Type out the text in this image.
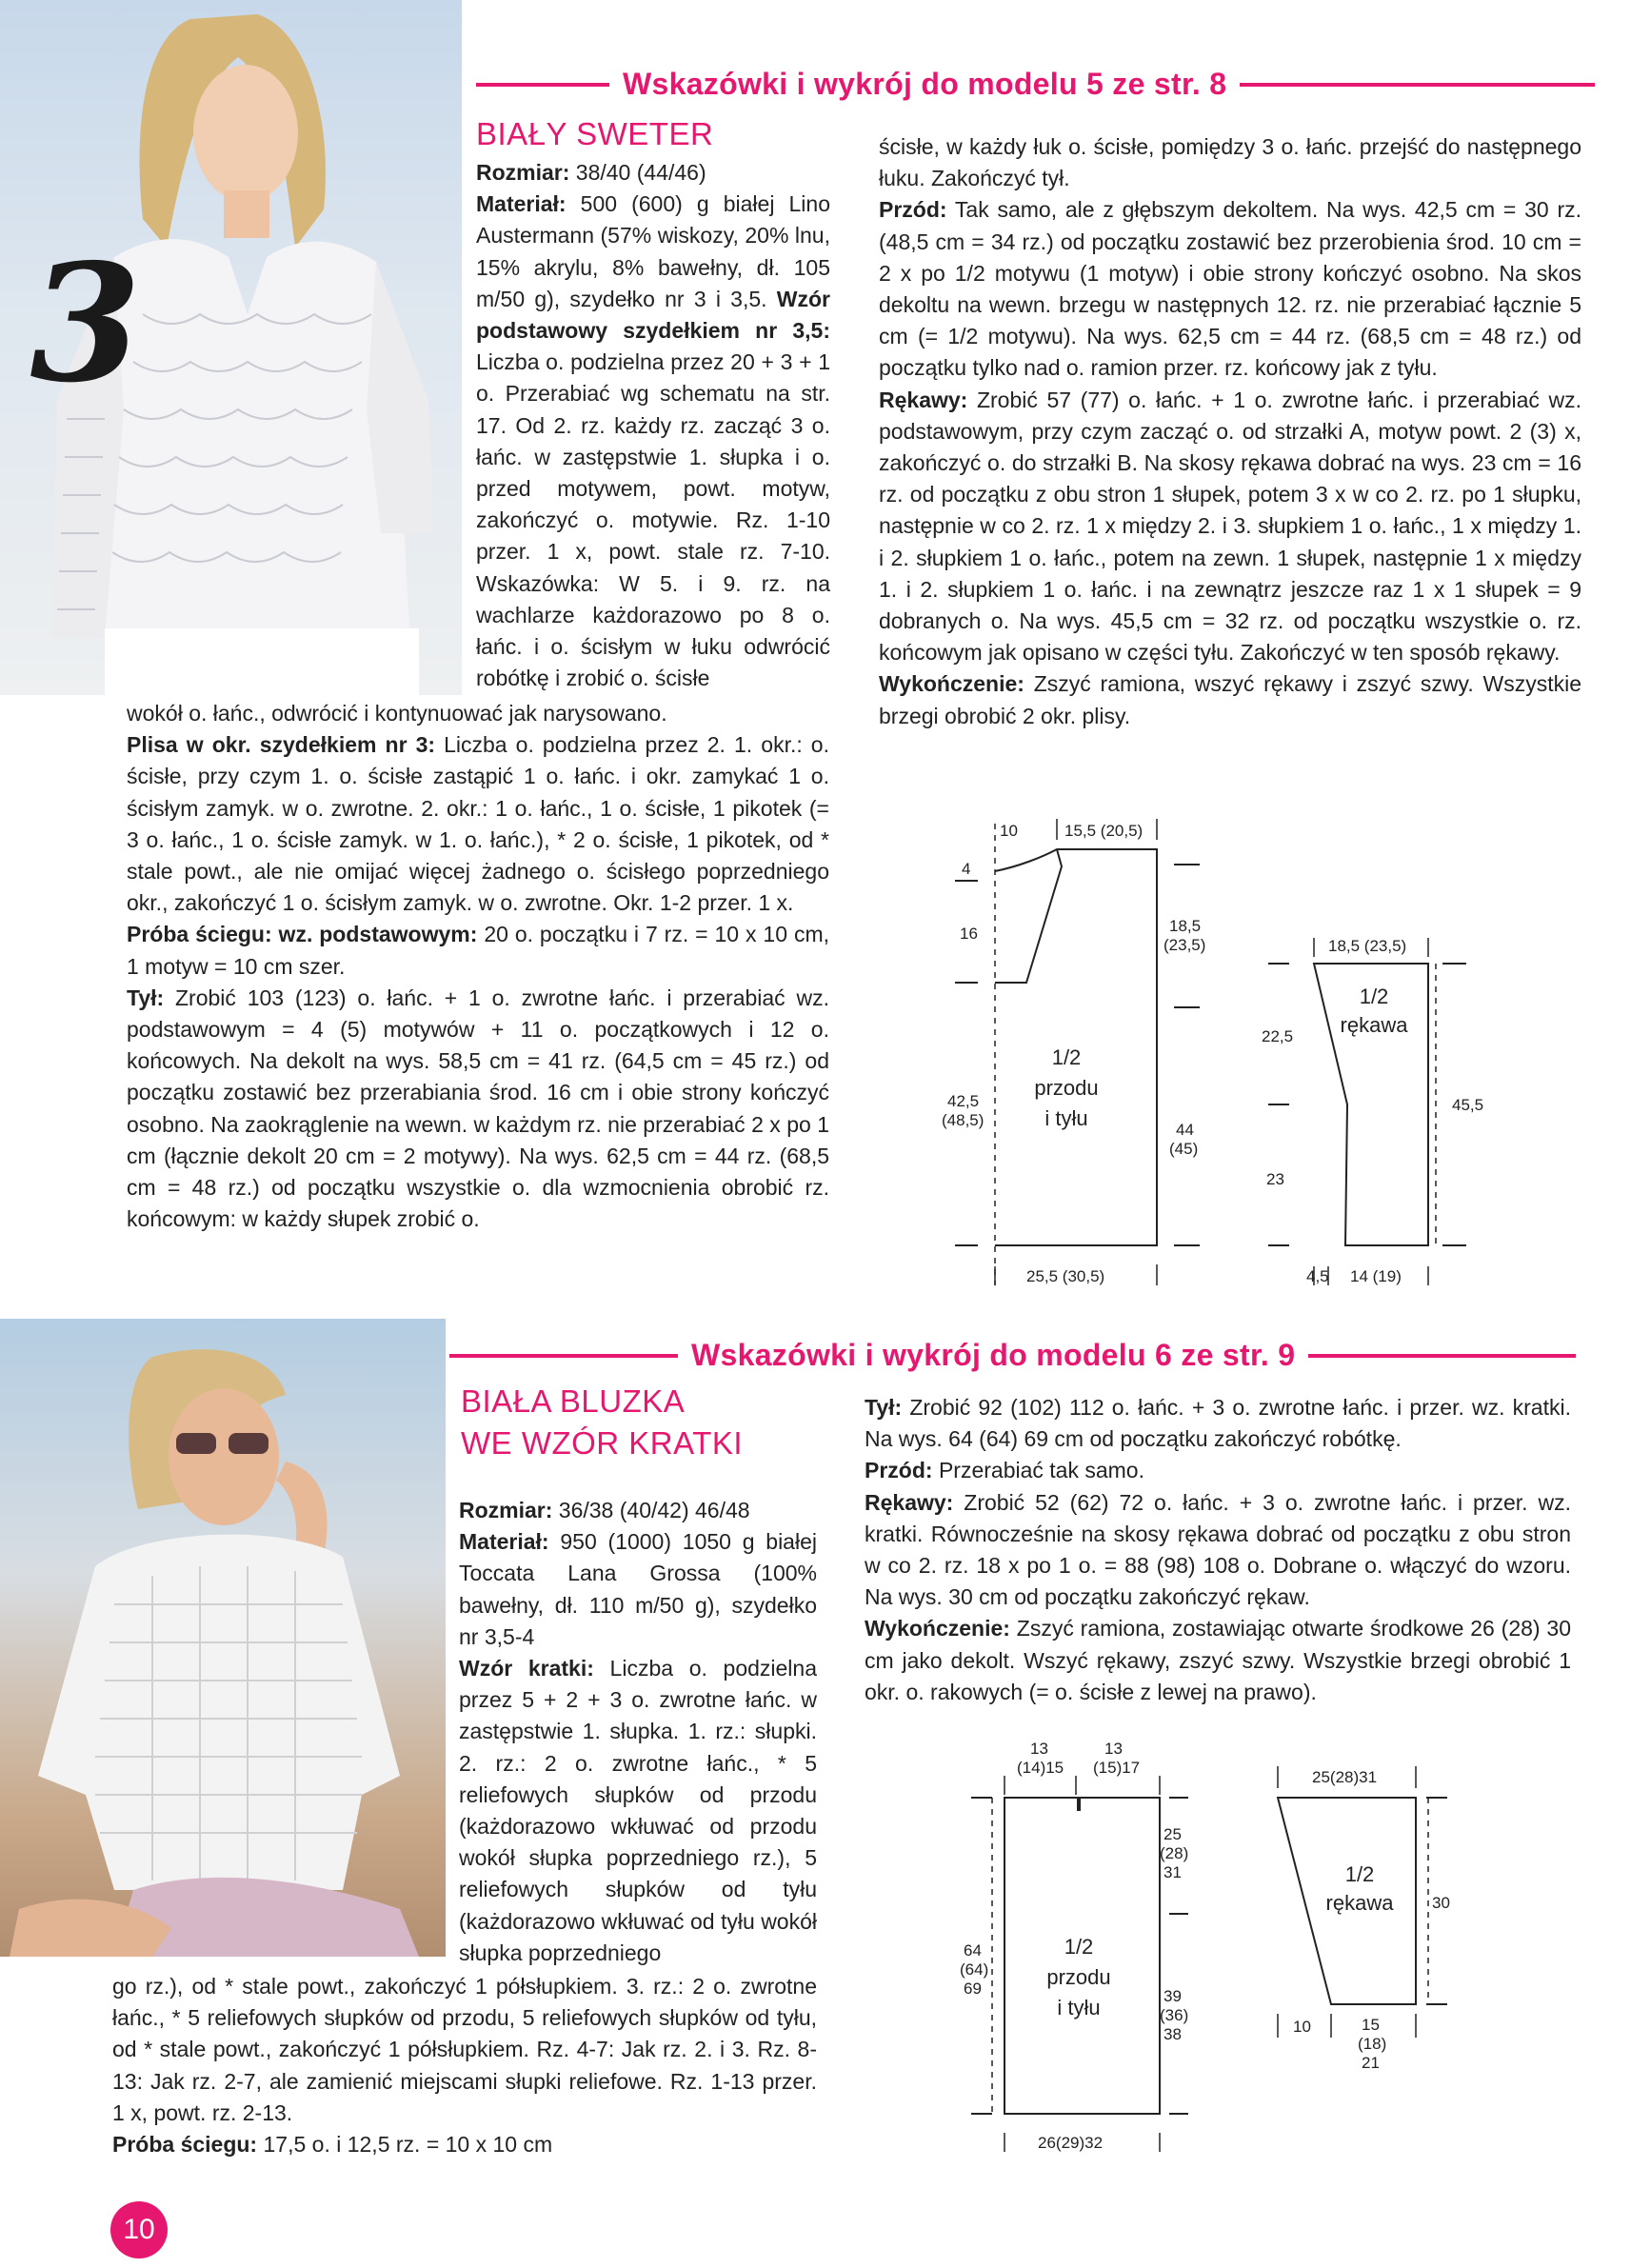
3
Wskazówki i wykrój do modelu 5 ze str. 8
BIAŁY SWETER

Rozmiar: 38/40 (44/46)
Materiał: 500 (600) g białej Lino Austermann (57% wiskozy, 20% lnu, 15% akrylu, 8% bawełny, dł. 105 m/50 g), szydełko nr 3 i 3,5. Wzór podstawowy szydełkiem nr 3,5: Liczba o. podzielna przez 20 + 3 + 1 o. Przerabiać wg schematu na str. 17. Od 2. rz. każdy rz. zacząć 3 o. łańc. w zastępstwie 1. słupka i o. przed motywem, powt. motyw, zakończyć o. motywie. Rz. 1-10 przer. 1 x, powt. stale rz. 7-10. Wskazówka: W 5. i 9. rz. na wachlarze każdorazowo po 8 o. łańc. i o. ścisłym w łuku odwrócić robótkę i zrobić o. ścisłe

wokół o. łańc., odwrócić i kontynuować jak narysowano.
Plisa w okr. szydełkiem nr 3: Liczba o. podzielna przez 2. 1. okr.: o. ścisłe, przy czym 1. o. ścisłe zastąpić 1 o. łańc. i okr. zamykać 1 o. ścisłym zamyk. w o. zwrotne. 2. okr.: 1 o. łańc., 1 o. ścisłe, 1 pikotek (= 3 o. łańc., 1 o. ścisłe zamyk. w 1. o. łańc.), * 2 o. ścisłe, 1 pikotek, od * stale powt., ale nie omijać więcej żadnego o. ścisłego poprzedniego okr., zakończyć 1 o. ścisłym zamyk. w o. zwrotne. Okr. 1-2 przer. 1 x.
Próba ściegu: wz. podstawowym: 20 o. początku i 7 rz. = 10 x 10 cm, 1 motyw = 10 cm szer.
Tył: Zrobić 103 (123) o. łańc. + 1 o. zwrotne łańc. i przerabiać wz. podstawowym = 4 (5) motywów + 11 o. początkowych i 12 o. końcowych. Na dekolt na wys. 58,5 cm = 41 rz. (64,5 cm = 45 rz.) od początku zostawić bez przerabiania środ. 16 cm i obie strony kończyć osobno. Na zaokrąglenie na wewn. w każdym rz. nie przerabiać 2 x po 1 cm (łącznie dekolt 20 cm = 2 motywy). Na wys. 62,5 cm = 44 rz. (68,5 cm = 48 rz.) od początku wszystkie o. dla wzmocnienia obrobić rz. końcowym: w każdy słupek zrobić o.

ścisłe, w każdy łuk o. ścisłe, pomiędzy 3 o. łańc. przejść do następnego łuku. Zakończyć tył.
Przód: Tak samo, ale z głębszym dekoltem. Na wys. 42,5 cm = 30 rz. (48,5 cm = 34 rz.) od początku zostawić bez przerobienia środ. 10 cm = 2 x po 1/2 motywu (1 motyw) i obie strony kończyć osobno. Na skos dekoltu na wewn. brzegu w następnych 12. rz. nie przerabiać łącznie 5 cm (= 1/2 motywu). Na wys. 62,5 cm = 44 rz. (68,5 cm = 48 rz.) od początku tylko nad o. ramion przer. rz. końcowy jak z tyłu.
Rękawy: Zrobić 57 (77) o. łańc. + 1 o. zwrotne łańc. i przerabiać wz. podstawowym, przy czym zacząć o. od strzałki A, motyw powt. 2 (3) x, zakończyć o. do strzałki B. Na skosy rękawa dobrać na wys. 23 cm = 16 rz. od początku z obu stron 1 słupek, potem 3 x w co 2. rz. po 1 słupku, następnie w co 2. rz. 1 x między 2. i 3. słupkiem 1 o. łańc., 1 x między 1. i 2. słupkiem 1 o. łańc., potem na zewn. 1 słupek, następnie 1 x między 1. i 2. słupkiem 1 o. łańc. i na zewnątrz jeszcze raz 1 x 1 słupek = 9 dobranych o. Na wys. 45,5 cm = 32 rz. od początku wszystkie o. rz. końcowym jak opisano w części tyłu. Zakończyć w ten sposób rękawy.
Wykończenie: Zszyć ramiona, wszyć rękawy i zszyć szwy. Wszystkie brzegi obrobić 2 okr. plisy.

10	15,5 (20,5)
4
16	18,5
(23,5)
1/2
przodu
i tyłu
42,5
(48,5)
44
(45)
25,5 (30,5)
18,5 (23,5)
1/2
rękawa
22,5
23
45,5
4,5 14 (19)
Wskazówki i wykrój do modelu 6 ze str. 9
BIAŁA BLUZKA
WE WZÓR KRATKI

Rozmiar: 36/38 (40/42) 46/48
Materiał: 950 (1000) 1050 g białej Toccata Lana Grossa (100% bawełny, dł. 110 m/50 g), szydełko nr 3,5-4
Wzór kratki: Liczba o. podzielna przez 5 + 2 + 3 o. zwrotne łańc. w zastępstwie 1. słupka. 1. rz.: słupki. 2. rz.: 2 o. zwrotne łańc., * 5 reliefowych słupków od przodu (każdorazowo wkłuwać od przodu wokół słupka poprzedniego rz.), 5 reliefowych słupków od tyłu (każdorazowo wkłuwać od tyłu wokół słupka poprzedniego

go rz.), od * stale powt., zakończyć 1 półsłupkiem. 3. rz.: 2 o. zwrotne łańc., * 5 reliefowych słupków od przodu, 5 reliefowych słupków od tyłu, od * stale powt., zakończyć 1 półsłupkiem. Rz. 4-7: Jak rz. 2. i 3. Rz. 8-13: Jak rz. 2-7, ale zamienić miejscami słupki reliefowe. Rz. 1-13 przer. 1 x, powt. rz. 2-13.
Próba ściegu: 17,5 o. i 12,5 rz. = 10 x 10 cm

Tył: Zrobić 92 (102) 112 o. łańc. + 3 o. zwrotne łańc. i przer. wz. kratki. Na wys. 64 (64) 69 cm od początku zakończyć robótkę.
Przód: Przerabiać tak samo.
Rękawy: Zrobić 52 (62) 72 o. łańc. + 3 o. zwrotne łańc. i przer. wz. kratki. Równocześnie na skosy rękawa dobrać od początku z obu stron w co 2. rz. 18 x po 1 o. = 88 (98) 108 o. Dobrane o. włączyć do wzoru. Na wys. 30 cm od początku zakończyć rękaw.
Wykończenie: Zszyć ramiona, zostawiając otwarte środkowe 26 (28) 30 cm jako dekolt. Wszyć rękawy, zszyć szwy. Wszystkie brzegi obrobić 1 okr. o. rakowych (= o. ścisłe z lewej na prawo).

13
(14)15
13
(15)17
25
(28)
31
1/2
przodu
i tyłu
64
(64)
69	39
(36)
38
26(29)32
25(28)31
1/2
rękawa 30
10	15
(18)
21
10
